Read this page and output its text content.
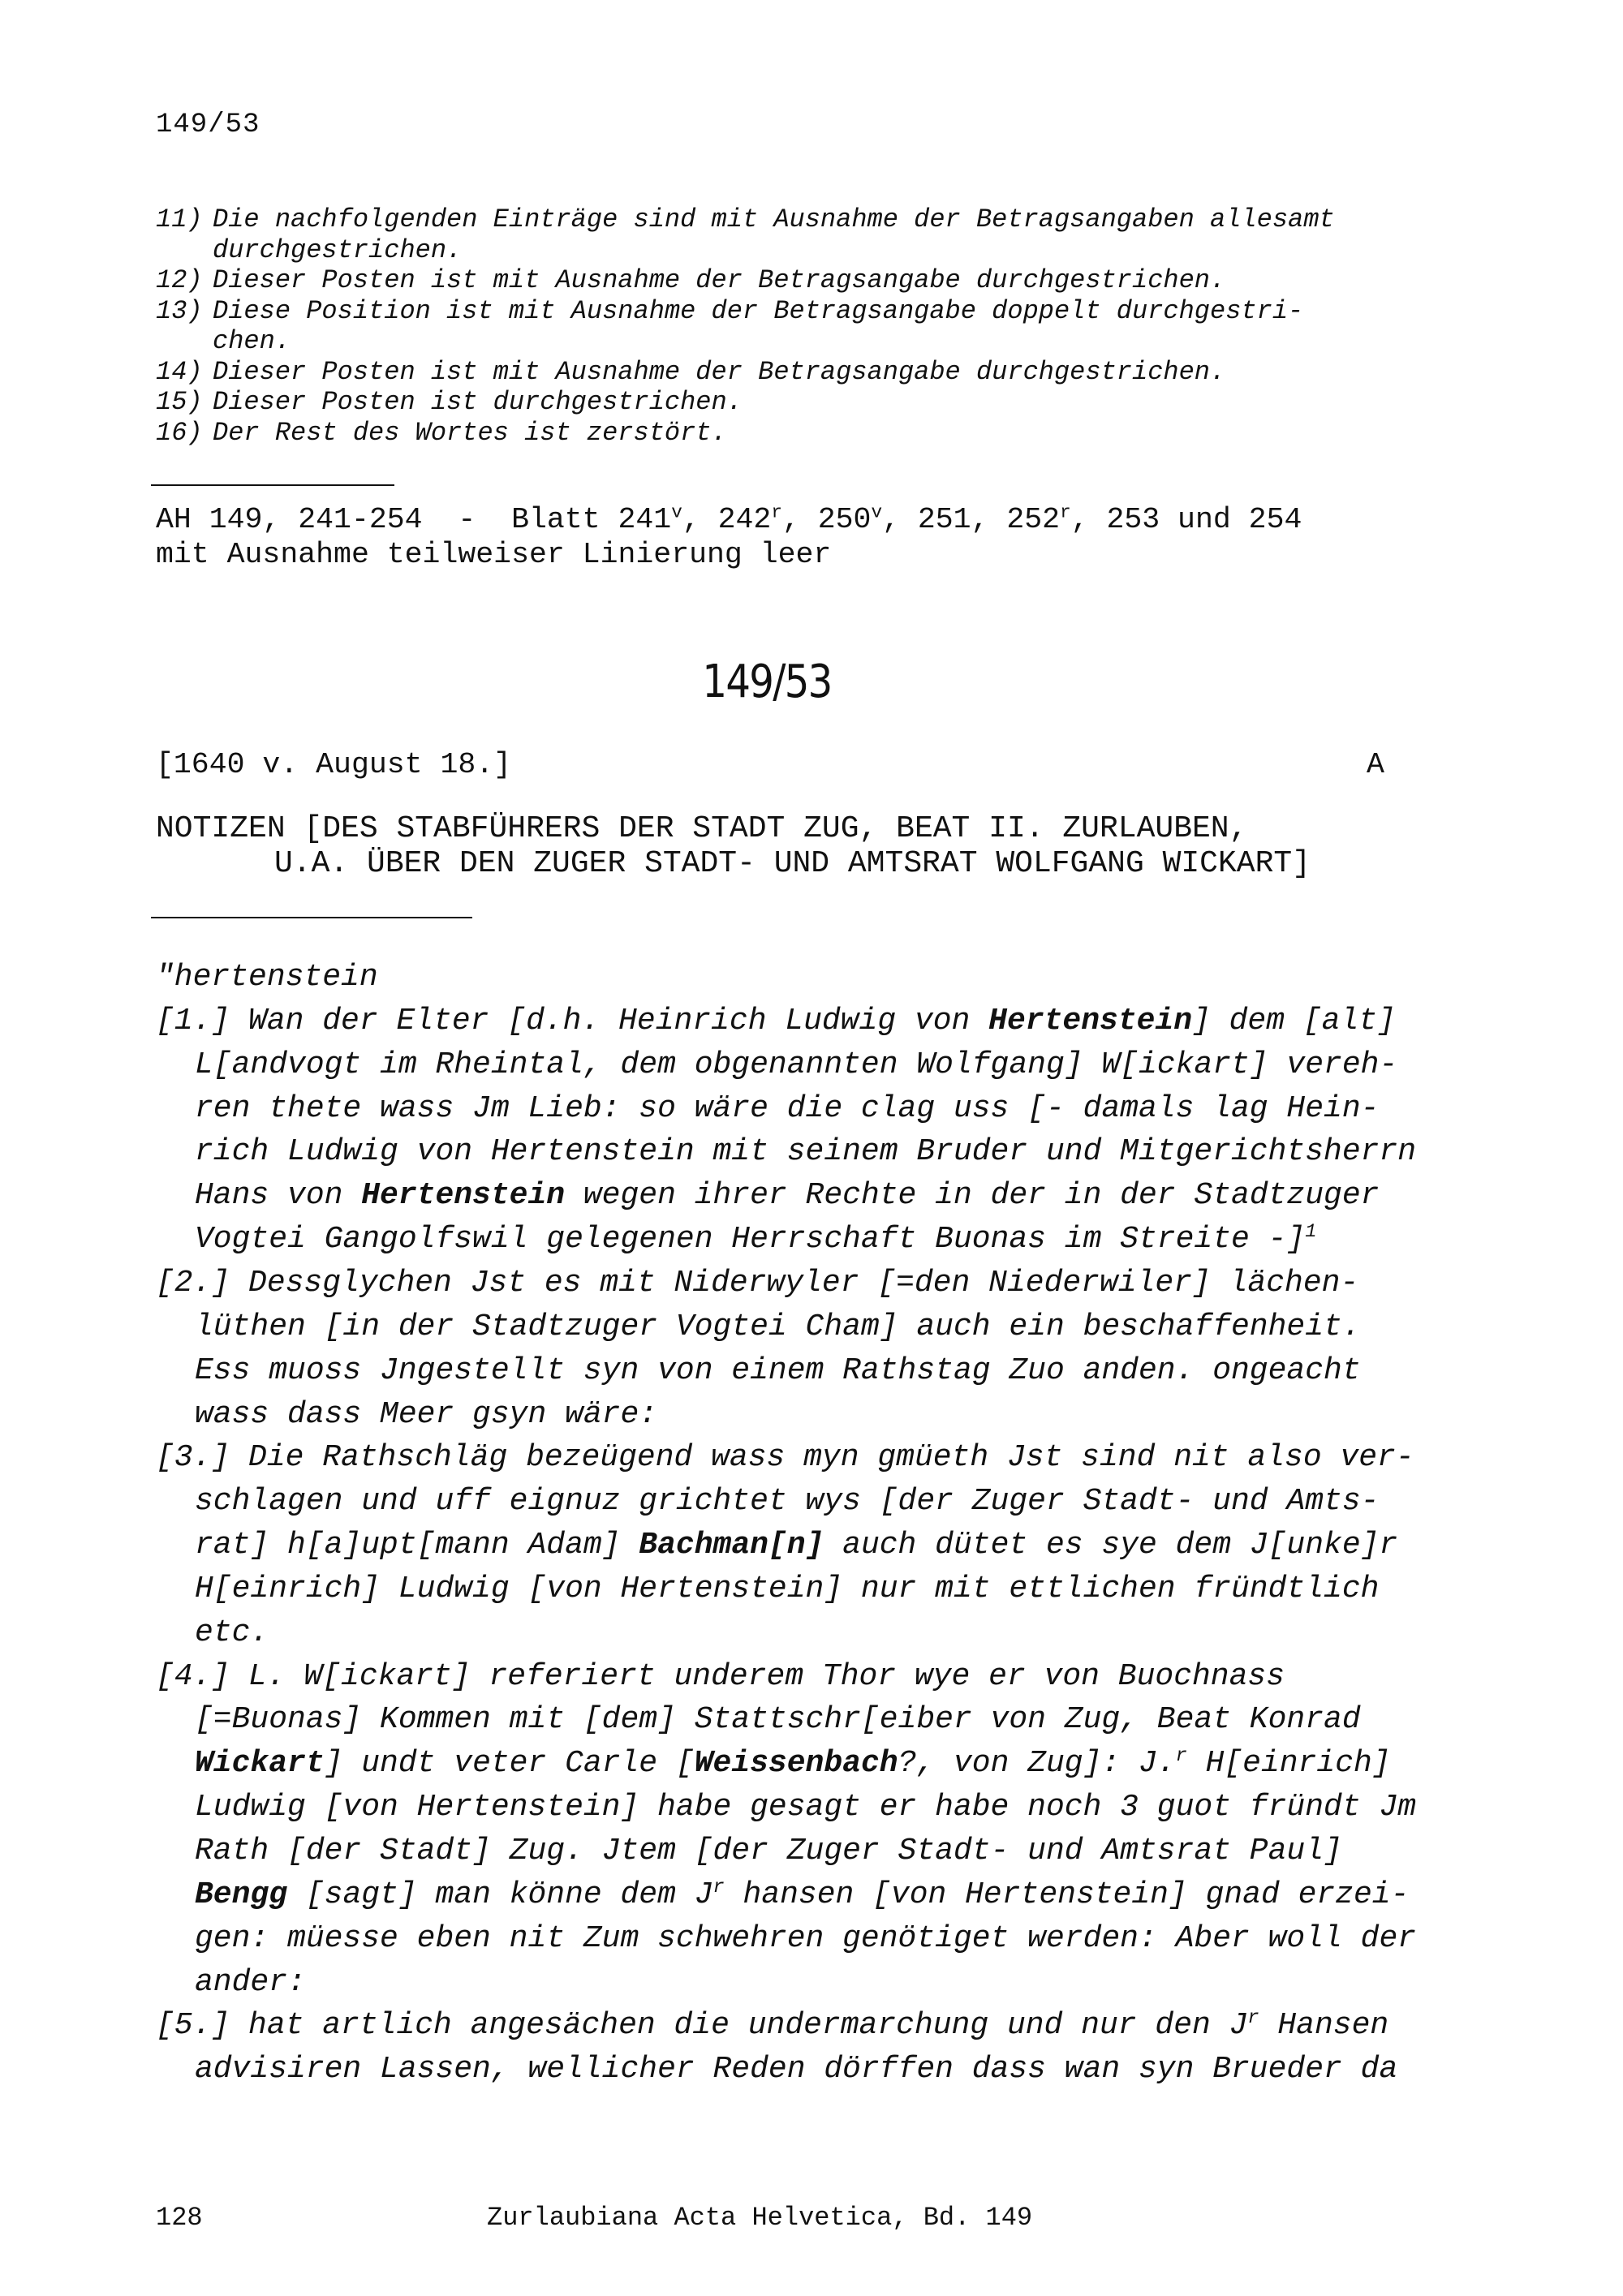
149/53
11) Die nachfolgenden Einträge sind mit Ausnahme der Betragsangaben allesamt
durchgestrichen.
12) Dieser Posten ist mit Ausnahme der Betragsangabe durchgestrichen.
13) Diese Position ist mit Ausnahme der Betragsangabe doppelt durchgestri-
chen.
14) Dieser Posten ist mit Ausnahme der Betragsangabe durchgestrichen.
15) Dieser Posten ist durchgestrichen.
16) Der Rest des Wortes ist zerstört.
AH 149, 241-254  -  Blatt 241$^v$, 242$^r$, 250$^v$, 251, 252$^r$, 253 und 254
mit Ausnahme teilweiser Linierung leer
149/53
[1640 v. August 18.]	A
NOTIZEN [DES STABFÜHRERS DER STADT ZUG, BEAT II. ZURLAUBEN,
U.A. ÜBER DEN ZUGER STADT- UND AMTSRAT WOLFGANG WICKART]
"hertenstein
[1.] Wan der Elter [d.h. Heinrich Ludwig von Hertenstein] dem [alt]
L[andvogt im Rheintal, dem obgenannten Wolfgang] W[ickart] vereh-
ren thete wass Jm Lieb: so wäre die clag uss [- damals lag Hein-
rich Ludwig von Hertenstein mit seinem Bruder und Mitgerichtsherrn
Hans von Hertenstein wegen ihrer Rechte in der in der Stadtzuger
Vogtei Gangolfswil gelegenen Herrschaft Buonas im Streite -]$^1$
[2.] Dessglychen Jst es mit Niderwyler [=den Niederwiler] lächen-
lüthen [in der Stadtzuger Vogtei Cham] auch ein beschaffenheit.
Ess muoss Jngestellt syn von einem Rathstag Zuo anden. ongeacht
wass dass Meer gsyn wäre:
[3.] Die Rathschläg bezeügend wass myn gmüeth Jst sind nit also ver-
schlagen und uff eignuz grichtet wys [der Zuger Stadt- und Amts-
rat] h[a]upt[mann Adam] Bachman[n] auch dütet es sye dem J[unke]r
H[einrich] Ludwig [von Hertenstein] nur mit ettlichen fründtlich
etc.
[4.] L. W[ickart] referiert underem Thor wye er von Buochnass
[=Buonas] Kommen mit [dem] Stattschr[eiber von Zug, Beat Konrad
Wickart] undt veter Carle [Weissenbach?, von Zug]: J.$^r$ H[einrich]
Ludwig [von Hertenstein] habe gesagt er habe noch 3 guot fründt Jm
Rath [der Stadt] Zug. Jtem [der Zuger Stadt- und Amtsrat Paul]
Bengg [sagt] man könne dem $J^r$ hansen [von Hertenstein] gnad erzei-
gen: müesse eben nit Zum schwehren genötiget werden: Aber woll der
ander:
[5.] hat artlich angesächen die undermarchung und nur den $J^r$ Hansen
advisiren Lassen, wellicher Reden dörffen dass wan syn Brueder da
128	Zurlaubiana Acta Helvetica, Bd. 149
